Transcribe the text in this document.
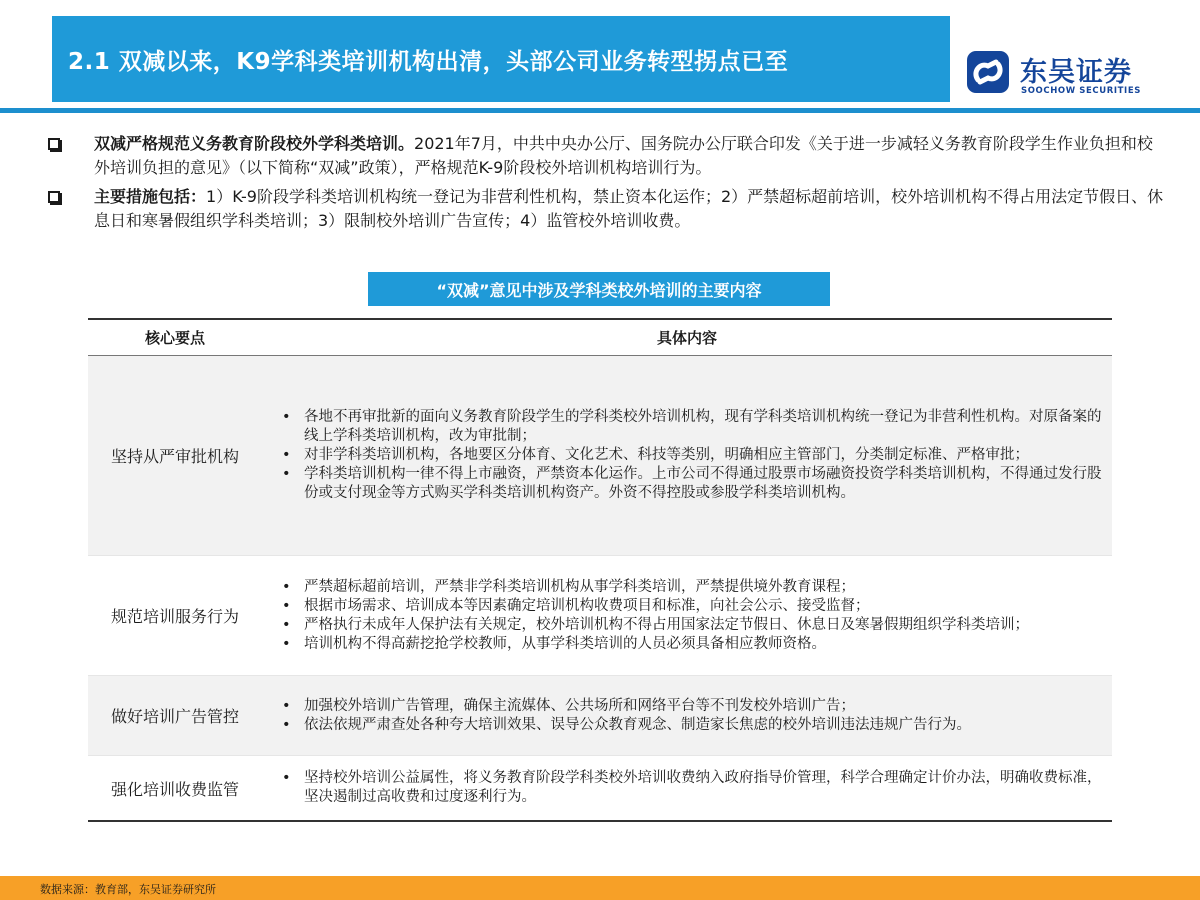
2.1 双减以来，K9学科类培训机构出清，头部公司业务转型拐点已至	东吴证券
SOOCHOW SECURITIES
双减严格规范义务教育阶段校外学科类培训。2021年7月，中共中央办公厅、国务院办公厅联合印发《关于进一步减轻义务教育阶段学生作业负担和校外培训负担的意见》（以下简称“双减”政策），严格规范K-9阶段校外培训机构培训行为。
主要措施包括：1）K-9阶段学科类培训机构统一登记为非营利性机构，禁止资本化运作；2）严禁超标超前培训，校外培训机构不得占用法定节假日、休息日和寒暑假组织学科类培训；3）限制校外培训广告宣传；4）监管校外培训收费。
“双减”意见中涉及学科类校外培训的主要内容
核心要点	具体内容
坚持从严审批机构
• 各地不再审批新的面向义务教育阶段学生的学科类校外培训机构，现有学科类培训机构统一登记为非营利性机构。对原备案的线上学科类培训机构，改为审批制；
• 对非学科类培训机构，各地要区分体育、文化艺术、科技等类别，明确相应主管部门，分类制定标准、严格审批；
• 学科类培训机构一律不得上市融资，严禁资本化运作。上市公司不得通过股票市场融资投资学科类培训机构，不得通过发行股份或支付现金等方式购买学科类培训机构资产。外资不得控股或参股学科类培训机构。
规范培训服务行为
• 严禁超标超前培训，严禁非学科类培训机构从事学科类培训，严禁提供境外教育课程；
• 根据市场需求、培训成本等因素确定培训机构收费项目和标准，向社会公示、接受监督；
• 严格执行未成年人保护法有关规定，校外培训机构不得占用国家法定节假日、休息日及寒暑假期组织学科类培训；
• 培训机构不得高薪挖抢学校教师，从事学科类培训的人员必须具备相应教师资格。
做好培训广告管控
• 加强校外培训广告管理，确保主流媒体、公共场所和网络平台等不刊发校外培训广告；
• 依法依规严肃查处各种夸大培训效果、误导公众教育观念、制造家长焦虑的校外培训违法违规广告行为。
强化培训收费监管
• 坚持校外培训公益属性，将义务教育阶段学科类校外培训收费纳入政府指导价管理，科学合理确定计价办法，明确收费标准，坚决遏制过高收费和过度逐利行为。
数据来源：教育部，东吴证券研究所
